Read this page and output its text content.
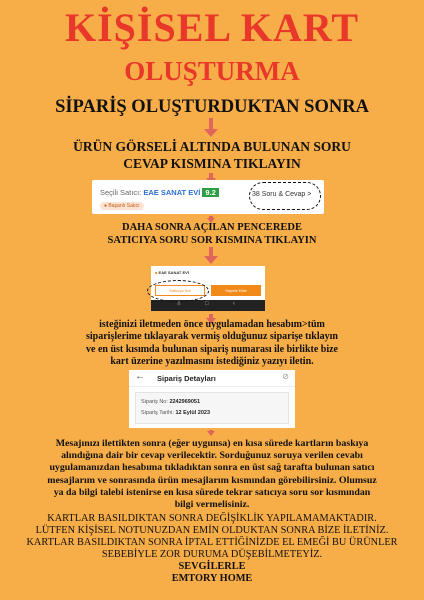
KİŞİSEL KART
OLUŞTURMA
SİPARİŞ OLUŞTURDUKTAN SONRA
ÜRÜN GÖRSELİ ALTINDA BULUNAN SORU
CEVAP KISMINA TIKLAYIN
Seçili Satıcı: EAE SANAT EVİ 9.2
● Başarılı Satıcı
38 Soru & Cevap >
DAHA SONRA AÇILAN PENCEREDE
SATICIYA SORU SOR KISMINA TIKLAYIN
■ EAE SANAT EVİ
Satıcıya Sor	Sepete Ekle
≡	□	‹
isteğinizi iletmeden önce uygulamadan hesabım>tüm
siparişlerime tıklayarak vermiş olduğunuz siparişe tıklayın
ve en üst kısımda bulunan sipariş numarası ile birlikte bize
kart üzerine yazılmasını istediğiniz yazıyı iletin.
← Sipariş Detayları	⊘
Sipariş No: 2242969051
Sipariş Tarihi: 12 Eylül 2023
Mesajınızı ilettikten sonra (eğer uygunsa) en kısa sürede kartların baskıya
alındığına dair bir cevap verilecektir. Sorduğunuz soruya verilen cevabı
uygulamanızdan hesabıma tıkladıktan sonra en üst sağ tarafta bulunan satıcı
mesajlarım ve sonrasında ürün mesajlarım kısmından görebilirsiniz. Olumsuz
ya da bilgi talebi istenirse en kısa sürede tekrar satıcıya soru sor kısmından
bilgi vermelisiniz.
KARTLAR BASILDIKTAN SONRA DEĞİŞİKLİK YAPILAMAMAKTADIR.
LÜTFEN KİŞİSEL NOTUNUZDAN EMİN OLDUKTAN SONRA BİZE İLETİNİZ.
KARTLAR BASILDIKTAN SONRA İPTAL ETTİĞİNİZDE EL EMEĞİ BU ÜRÜNLER
SEBEBİYLE ZOR DURUMA DÜŞEBİLMETEYİZ.
SEVGİLERLE
EMTORY HOME
